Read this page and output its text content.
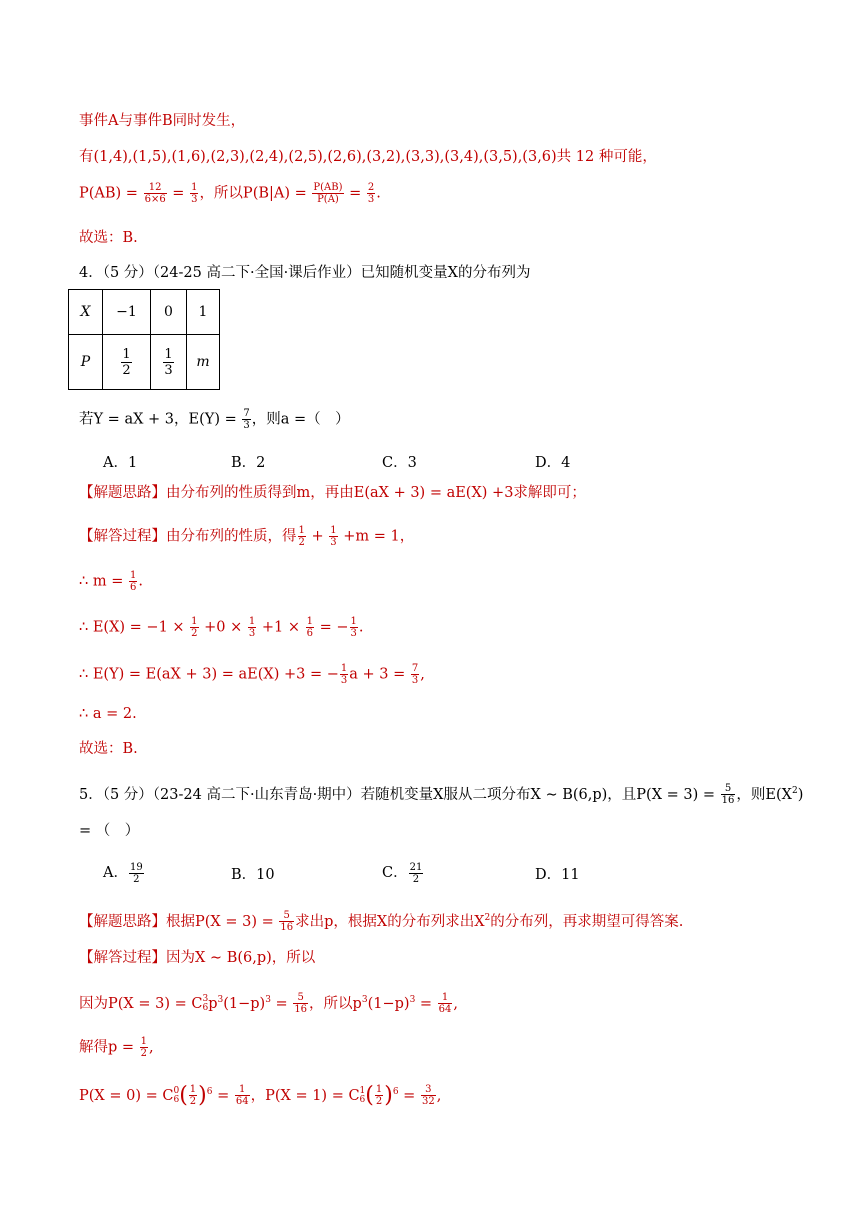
事件A与事件B同时发生，
有(1,4),(1,5),(1,6),(2,3),(2,4),(2,5),(2,6),(3,2),(3,3),(3,4),(3,5),(3,6)共 12 种可能，
$P(AB) = \frac{12}{6\times 6} = \frac{1}{3}$ ，所以$P(B|A) = \frac{P(AB)}{P(A)} = \frac{2}{3}$ .
故选：B.
4．（5 分）（24-25 高二下·全国·课后作业）已知随机变量X的分布列为
X	−1	0	1
P	$\frac{1}{2}$	$\frac{1}{3}$	m
若Y = aX + 3，$E(Y) = \frac{7}{3}$ ，则a =（　）
A．1	B．2	C．3	D．4
【解题思路】由分布列的性质得到m，再由E(aX + 3) = aE(X) +3求解即可；
【解答过程】由分布列的性质，得 $\frac{1}{2} + \frac{1}{3} +m = 1$，
∴ $m = \frac{1}{6}$ .
∴ $E(X) = -1 \times \frac{1}{2} +0 \times \frac{1}{3} +1 \times \frac{1}{6}$ = − $\frac{1}{3}$ .
∴ E(Y) = E(aX + 3) = aE(X) +3 = − $\frac{1}{3}$ $a + 3 = \frac{7}{3}$ ,
∴ a = 2.
故选：B.
5．（5 分）（23-24 高二下·山东青岛·期中）若随机变量X服从二项分布X ∼ B(6,p)，且$P(X = 3) = \frac{5}{16}$ ，则$E(X^2)$
= （　）
A． $\frac{19}{2}$	B．10	C． $\frac{21}{2}$	D．11
【解题思路】根据$P(X = 3) = \frac{5}{16}$ 求出p，根据X的分布列求出$X^2$的分布列，再求期望可得答案.
【解答过程】因为X ∼ B(6,p)，所以
因为P(X = 3) = C 3
6 $p^3(1-p)^3 = \frac{5}{16}$ ，所以$p^3(1-p)^3 = \frac{1}{64}$ ,
解得$p = \frac{1}{2}$ ,
P(X = 0) = C 0
6 ( $\frac{1}{2} )^6 = \frac{1}{64}$ ，P(X = 1) = C 1
6 ( $\frac{1}{2} )^6 = \frac{3}{32}$ ,
